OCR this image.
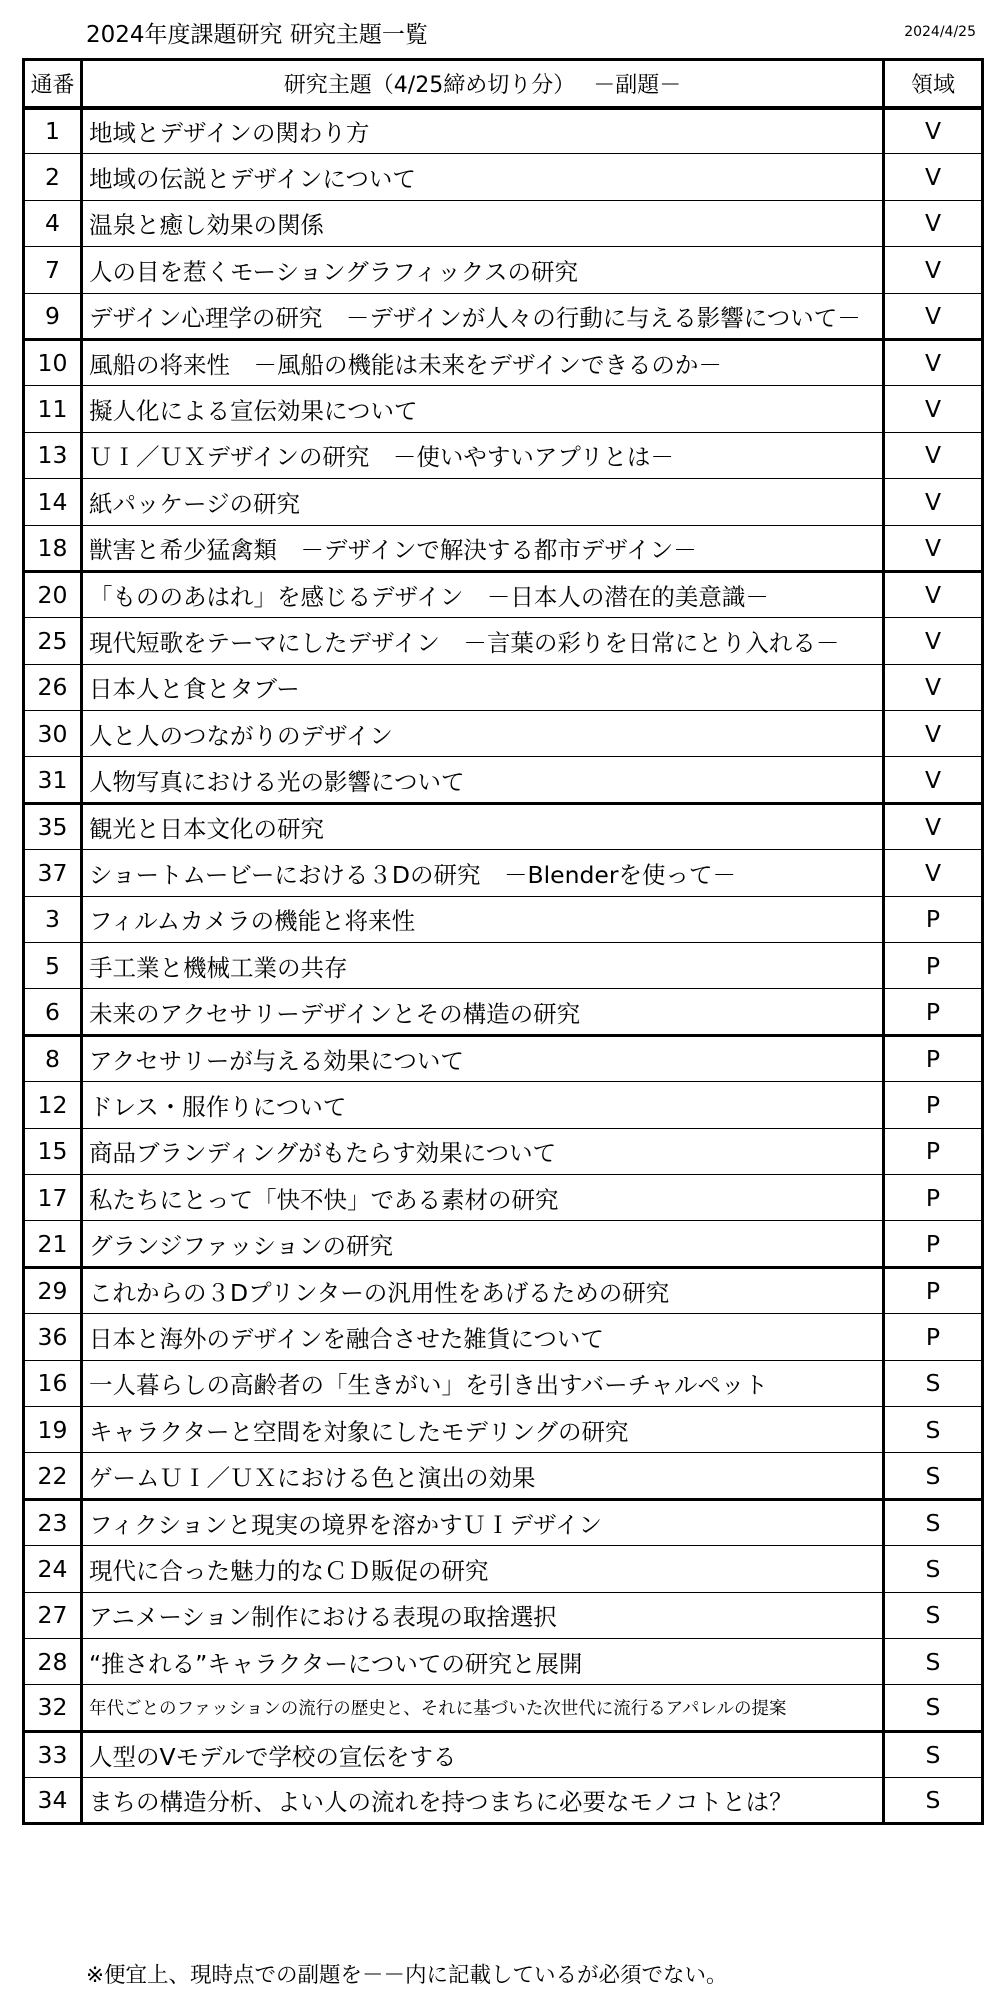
2024年度課題研究 研究主題一覧	2024/4/25
通番	研究主題（4/25締め切り分）　 －副題－	領域
1	地域とデザインの関わり方	V
2	地域の伝説とデザインについて	V
4	温泉と癒し効果の関係	V
7	人の目を惹くモーショングラフィックスの研究	V
9	デザイン心理学の研究　－デザインが人々の行動に与える影響について－	V
10	風船の将来性　－風船の機能は未来をデザインできるのか－	V
11	擬人化による宣伝効果について	V
13	ＵＩ／ＵＸデザインの研究　－使いやすいアプリとは－	V
14	紙パッケージの研究	V
18	獣害と希少猛禽類　－デザインで解決する都市デザイン－	V
20	「もののあはれ」を感じるデザイン　－日本人の潜在的美意識－	V
25	現代短歌をテーマにしたデザイン　－言葉の彩りを日常にとり入れる－	V
26	日本人と食とタブー	V
30	人と人のつながりのデザイン	V
31	人物写真における光の影響について	V
35	観光と日本文化の研究	V
37	ショートムービーにおける３Dの研究　－Blenderを使って－	V
3	フィルムカメラの機能と将来性	P
5	手工業と機械工業の共存	P
6	未来のアクセサリーデザインとその構造の研究	P
8	アクセサリーが与える効果について	P
12	ドレス・服作りについて	P
15	商品ブランディングがもたらす効果について	P
17	私たちにとって「快不快」である素材の研究	P
21	グランジファッションの研究	P
29	これからの３Dプリンターの汎用性をあげるための研究	P
36	日本と海外のデザインを融合させた雑貨について	P
16	一人暮らしの高齢者の「生きがい」を引き出すバーチャルペット	S
19	キャラクターと空間を対象にしたモデリングの研究	S
22	ゲームＵＩ／ＵＸにおける色と演出の効果	S
23	フィクションと現実の境界を溶かすＵＩデザイン	S
24	現代に合った魅力的なＣＤ販促の研究	S
27	アニメーション制作における表現の取捨選択	S
28	“推される”キャラクターについての研究と展開	S
32	年代ごとのファッションの流行の歴史と、それに基づいた次世代に流行るアパレルの提案	S
33	人型のVモデルで学校の宣伝をする	S
34	まちの構造分析、よい人の流れを持つまちに必要なモノコトとは？	S
※便宜上、現時点での副題を－－内に記載しているが必須でない。
